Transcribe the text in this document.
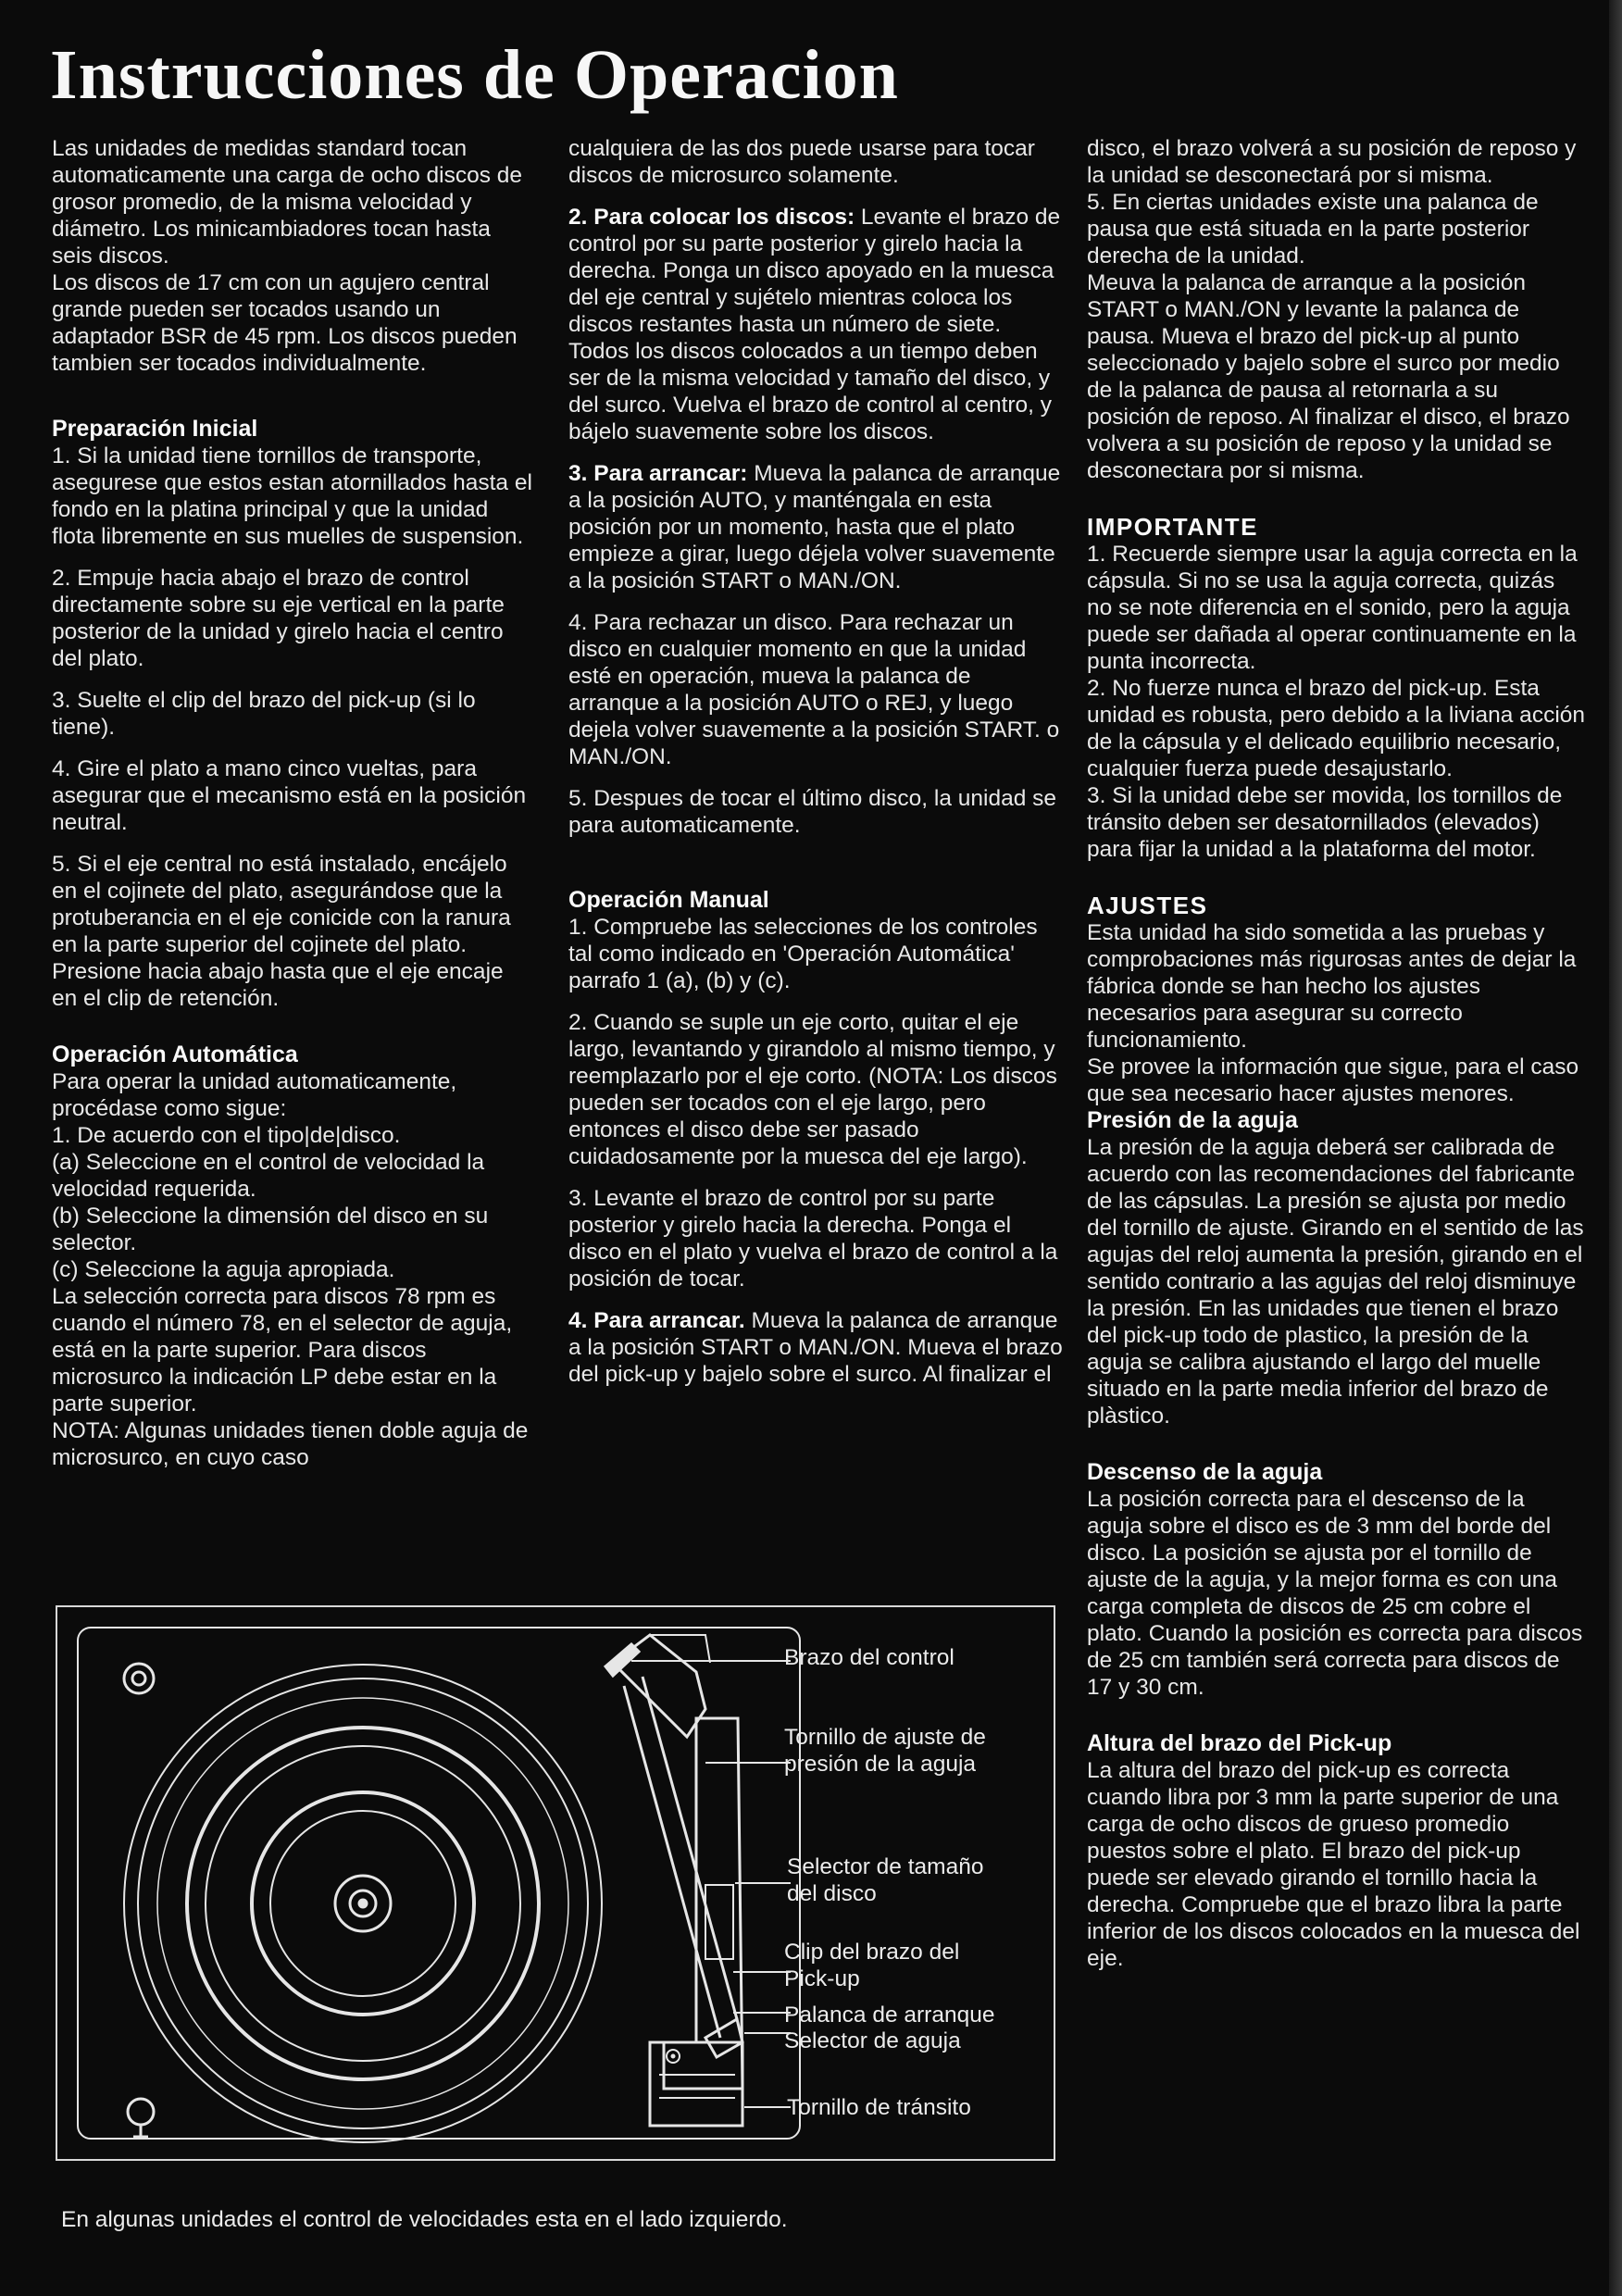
Instrucciones de Operacion

Las unidades de medidas standard tocan automaticamente una carga de ocho discos de grosor promedio, de la misma velocidad y diámetro. Los minicambiadores tocan hasta seis discos.

Los discos de 17 cm con un agujero central grande pueden ser tocados usando un adaptador BSR de 45 rpm. Los discos pueden tambien ser tocados individualmente.

Preparación Inicial

1. Si la unidad tiene tornillos de transporte, asegurese que estos estan atornillados hasta el fondo en la platina principal y que la unidad flota libremente en sus muelles de suspension.

2. Empuje hacia abajo el brazo de control directamente sobre su eje vertical en la parte posterior de la unidad y girelo hacia el centro del plato.

3. Suelte el clip del brazo del pick-up (si lo tiene).

4. Gire el plato a mano cinco vueltas, para asegurar que el mecanismo está en la posición neutral.

5. Si el eje central no está instalado, encájelo en el cojinete del plato, asegurándose que la protuberancia en el eje conicide con la ranura en la parte superior del cojinete del plato. Presione hacia abajo hasta que el eje encaje en el clip de retención.

Operación Automática

Para operar la unidad automaticamente, procédase como sigue:
1. De acuerdo con el tipo|de|disco.
(a) Seleccione en el control de velocidad la velocidad requerida.
(b) Seleccione la dimensión del disco en su selector.
(c) Seleccione la aguja apropiada.
La selección correcta para discos 78 rpm es cuando el número 78, en el selector de aguja, está en la parte superior. Para discos microsurco la indicación LP debe estar en la parte superior.
NOTA: Algunas unidades tienen doble aguja de microsurco, en cuyo caso

cualquiera de las dos puede usarse para tocar discos de microsurco solamente.

2. Para colocar los discos: Levante el brazo de control por su parte posterior y girelo hacia la derecha. Ponga un disco apoyado en la muesca del eje central y sujételo mientras coloca los discos restantes hasta un número de siete. Todos los discos colocados a un tiempo deben ser de la misma velocidad y tamaño del disco, y del surco. Vuelva el brazo de control al centro, y bájelo suavemente sobre los discos.

3. Para arrancar: Mueva la palanca de arranque a la posición AUTO, y manténgala en esta posición por un momento, hasta que el plato empieze a girar, luego déjela volver suavemente a la posición START o MAN./ON.

4. Para rechazar un disco. Para rechazar un disco en cualquier momento en que la unidad esté en operación, mueva la palanca de arranque a la posición AUTO o REJ, y luego dejela volver suavemente a la posición START. o MAN./ON.

5. Despues de tocar el último disco, la unidad se para automaticamente.

Operación Manual

1. Compruebe las selecciones de los controles tal como indicado en 'Operación Automática' parrafo 1 (a), (b) y (c).

2. Cuando se suple un eje corto, quitar el eje largo, levantando y girandolo al mismo tiempo, y reemplazarlo por el eje corto. (NOTA: Los discos pueden ser tocados con el eje largo, pero entonces el disco debe ser pasado cuidadosamente por la muesca del eje largo).

3. Levante el brazo de control por su parte posterior y girelo hacia la derecha. Ponga el disco en el plato y vuelva el brazo de control a la posición de tocar.

4. Para arrancar. Mueva la palanca de arranque a la posición START o MAN./ON. Mueva el brazo del pick-up y bajelo sobre el surco. Al finalizar el

disco, el brazo volverá a su posición de reposo y la unidad se desconectará por si misma.
5. En ciertas unidades existe una palanca de pausa que está situada en la parte posterior derecha de la unidad.
Meuva la palanca de arranque a la posición START o MAN./ON y levante la palanca de pausa. Mueva el brazo del pick-up al punto seleccionado y bajelo sobre el surco por medio de la palanca de pausa al retornarla a su posición de reposo. Al finalizar el disco, el brazo volvera a su posición de reposo y la unidad se desconectara por si misma.

IMPORTANTE

1. Recuerde siempre usar la aguja correcta en la cápsula. Si no se usa la aguja correcta, quizás no se note diferencia en el sonido, pero la aguja puede ser dañada al operar continuamente en la punta incorrecta.
2. No fuerze nunca el brazo del pick-up. Esta unidad es robusta, pero debido a la liviana acción de la cápsula y el delicado equilibrio necesario, cualquier fuerza puede desajustarlo.
3. Si la unidad debe ser movida, los tornillos de tránsito deben ser desatornillados (elevados) para fijar la unidad a la plataforma del motor.

AJUSTES

Esta unidad ha sido sometida a las pruebas y comprobaciones más rigurosas antes de dejar la fábrica donde se han hecho los ajustes necesarios para asegurar su correcto funcionamiento.
Se provee la información que sigue, para el caso que sea necesario hacer ajustes menores.

Presión de la aguja

La presión de la aguja deberá ser calibrada de acuerdo con las recomendaciones del fabricante de las cápsulas. La presión se ajusta por medio del tornillo de ajuste. Girando en el sentido de las agujas del reloj aumenta la presión, girando en el sentido contrario a las agujas del reloj disminuye la presión. En las unidades que tienen el brazo del pick-up todo de plastico, la presión de la aguja se calibra ajustando el largo del muelle
situado en la parte media inferior del brazo de plàstico.

Descenso de la aguja

La posición correcta para el descenso de la aguja sobre el disco es de 3 mm del borde del disco. La posición se ajusta por el tornillo de ajuste de la aguja, y la mejor forma es con una carga completa de discos de 25 cm cobre el plato. Cuando la posición es correcta para discos de 25 cm también será correcta para discos de 17 y 30 cm.

Altura del brazo del Pick-up

La altura del brazo del pick-up es correcta cuando libra por 3 mm la parte superior de una carga de ocho discos de grueso promedio puestos sobre el plato. El brazo del pick-up puede ser elevado girando el tornillo hacia la derecha. Compruebe que el brazo libra la parte inferior de los discos colocados en la muesca del eje.

Brazo del control
Tornillo de ajuste de presión de la aguja
Selector de tamaño del disco
Clip del brazo del Pick-up
Palanca de arranque
Selector de aguja
Tornillo de tránsito
En algunas unidades el control de velocidades esta en el lado izquierdo.
